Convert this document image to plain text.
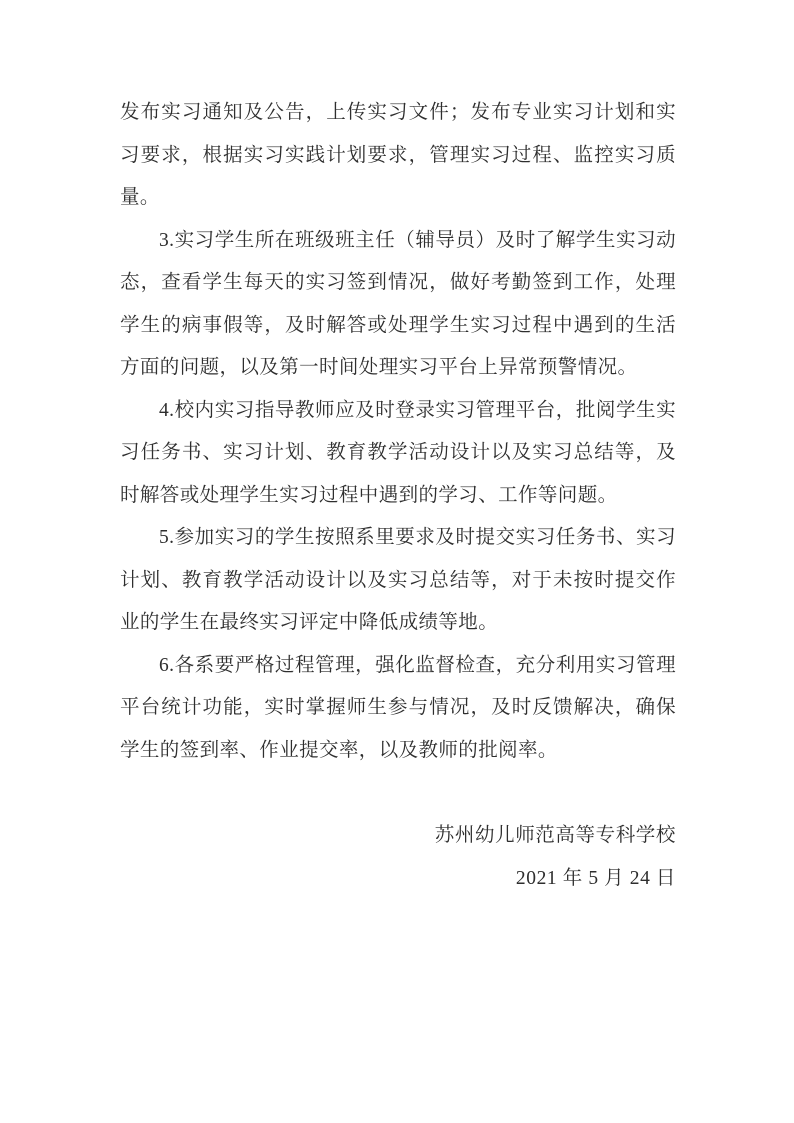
发布实习通知及公告，上传实习文件；发布专业实习计划和实习要求，根据实习实践计划要求，管理实习过程、监控实习质量。

3.实习学生所在班级班主任（辅导员）及时了解学生实习动态，查看学生每天的实习签到情况，做好考勤签到工作，处理学生的病事假等，及时解答或处理学生实习过程中遇到的生活方面的问题，以及第一时间处理实习平台上异常预警情况。

4.校内实习指导教师应及时登录实习管理平台，批阅学生实习任务书、实习计划、教育教学活动设计以及实习总结等，及时解答或处理学生实习过程中遇到的学习、工作等问题。

5.参加实习的学生按照系里要求及时提交实习任务书、实习计划、教育教学活动设计以及实习总结等，对于未按时提交作业的学生在最终实习评定中降低成绩等地。

6.各系要严格过程管理，强化监督检查，充分利用实习管理平台统计功能，实时掌握师生参与情况，及时反馈解决，确保学生的签到率、作业提交率，以及教师的批阅率。

苏州幼儿师范高等专科学校
2021 年 5 月 24 日
